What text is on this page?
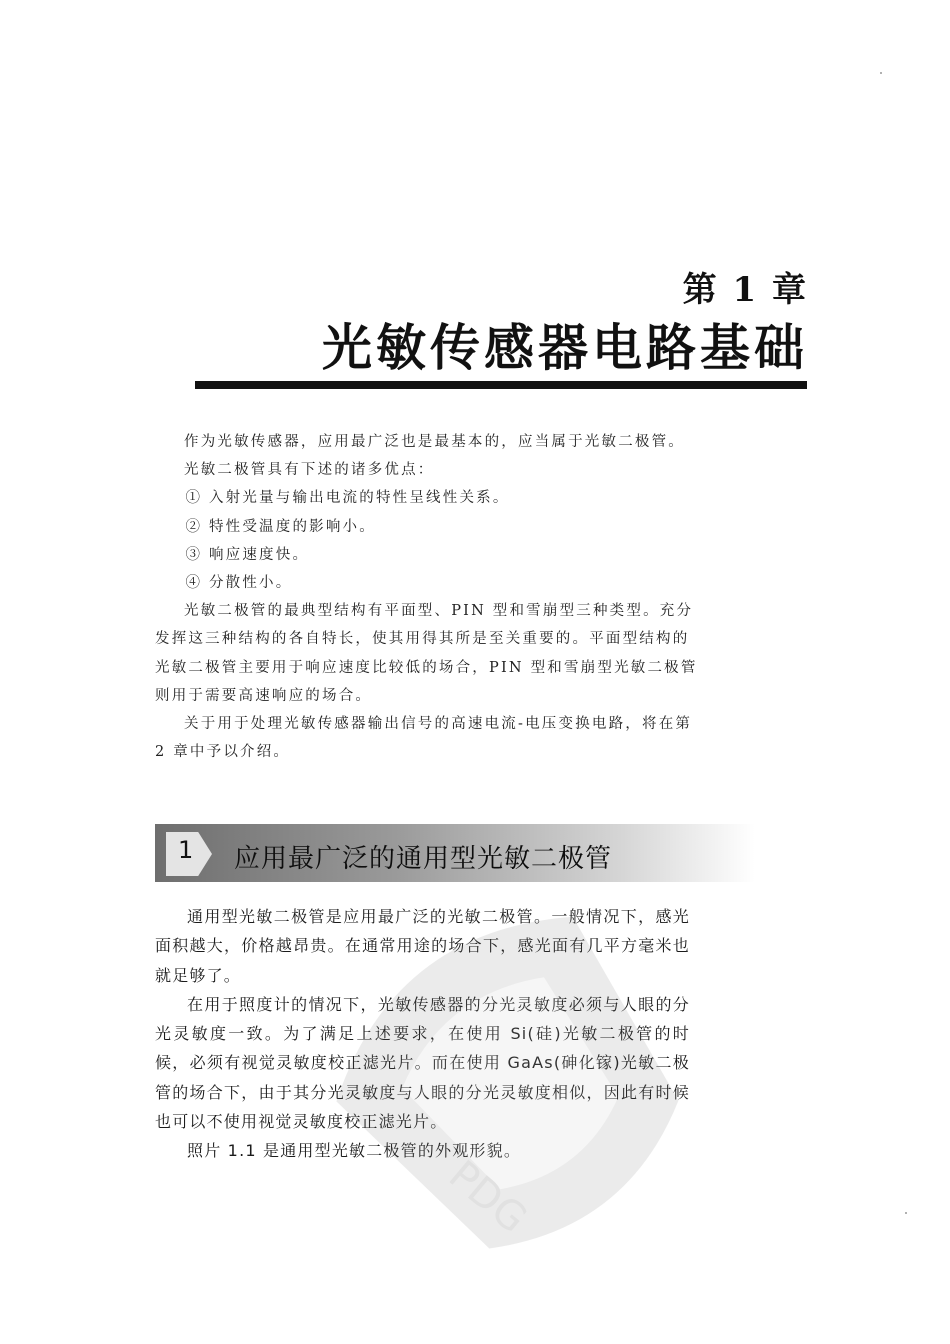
第 1 章
光敏传感器电路基础

作为光敏传感器，应用最广泛也是最基本的，应当属于光敏二极管。

光敏二极管具有下述的诸多优点：

① 入射光量与输出电流的特性呈线性关系。

② 特性受温度的影响小。

③ 响应速度快。

④ 分散性小。

光敏二极管的最典型结构有平面型、PIN 型和雪崩型三种类型。充分发挥这三种结构的各自特长，使其用得其所是至关重要的。平面型结构的光敏二极管主要用于响应速度比较低的场合，PIN 型和雪崩型光敏二极管则用于需要高速响应的场合。

关于用于处理光敏传感器输出信号的高速电流-电压变换电路，将在第 2 章中予以介绍。

1 应用最广泛的通用型光敏二极管

通用型光敏二极管是应用最广泛的光敏二极管。一般情况下，感光面积越大，价格越昂贵。在通常用途的场合下，感光面有几平方毫米也就足够了。

在用于照度计的情况下，光敏传感器的分光灵敏度必须与人眼的分光灵敏度一致。为了满足上述要求，在使用 Si(硅)光敏二极管的时候，必须有视觉灵敏度校正滤光片。而在使用 GaAs(砷化镓)光敏二极管的场合下，由于其分光灵敏度与人眼的分光灵敏度相似，因此有时候也可以不使用视觉灵敏度校正滤光片。

照片 1.1 是通用型光敏二极管的外观形貌。

PDG
